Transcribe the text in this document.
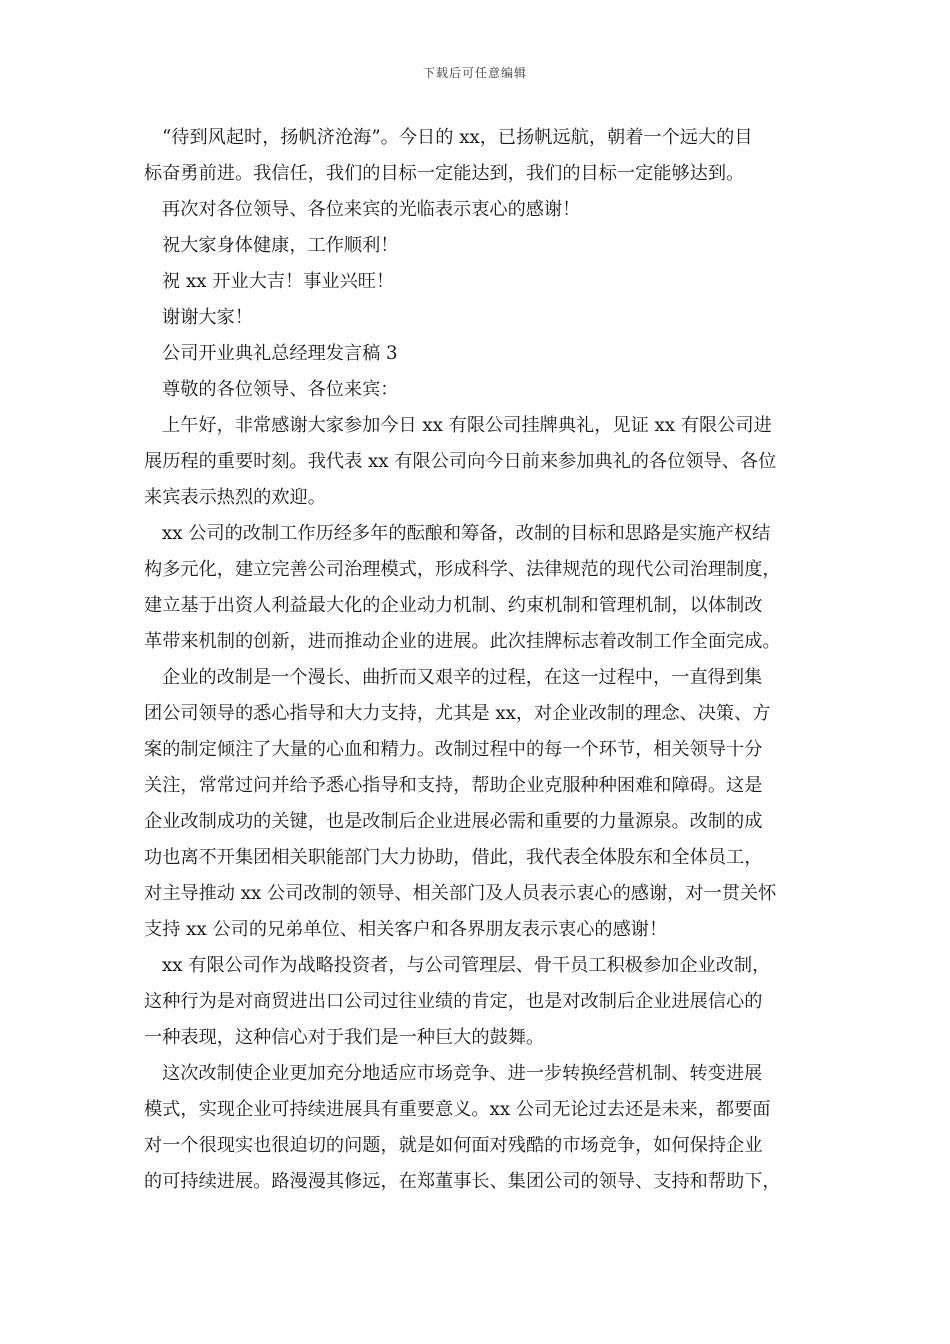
下载后可任意编辑
“待到风起时，扬帆济沧海”。今日的 xx，已扬帆远航，朝着一个远大的目
标奋勇前进。我信任，我们的目标一定能达到，我们的目标一定能够达到。
再次对各位领导、各位来宾的光临表示衷心的感谢！
祝大家身体健康，工作顺利！
祝 xx 开业大吉！事业兴旺！
谢谢大家！
公司开业典礼总经理发言稿 3
尊敬的各位领导、各位来宾：
上午好，非常感谢大家参加今日 xx 有限公司挂牌典礼，见证 xx 有限公司进
展历程的重要时刻。我代表 xx 有限公司向今日前来参加典礼的各位领导、各位
来宾表示热烈的欢迎。
xx 公司的改制工作历经多年的酝酿和筹备，改制的目标和思路是实施产权结
构多元化，建立完善公司治理模式，形成科学、法律规范的现代公司治理制度，
建立基于出资人利益最大化的企业动力机制、约束机制和管理机制，以体制改
革带来机制的创新，进而推动企业的进展。此次挂牌标志着改制工作全面完成。
企业的改制是一个漫长、曲折而又艰辛的过程，在这一过程中，一直得到集
团公司领导的悉心指导和大力支持，尤其是 xx，对企业改制的理念、决策、方
案的制定倾注了大量的心血和精力。改制过程中的每一个环节，相关领导十分
关注，常常过问并给予悉心指导和支持，帮助企业克服种种困难和障碍。这是
企业改制成功的关键，也是改制后企业进展必需和重要的力量源泉。改制的成
功也离不开集团相关职能部门大力协助，借此，我代表全体股东和全体员工，
对主导推动 xx 公司改制的领导、相关部门及人员表示衷心的感谢，对一贯关怀
支持 xx 公司的兄弟单位、相关客户和各界朋友表示衷心的感谢！
xx 有限公司作为战略投资者，与公司管理层、骨干员工积极参加企业改制，
这种行为是对商贸进出口公司过往业绩的肯定，也是对改制后企业进展信心的
一种表现，这种信心对于我们是一种巨大的鼓舞。
这次改制使企业更加充分地适应市场竞争、进一步转换经营机制、转变进展
模式，实现企业可持续进展具有重要意义。xx 公司无论过去还是未来，都要面
对一个很现实也很迫切的问题，就是如何面对残酷的市场竞争，如何保持企业
的可持续进展。路漫漫其修远，在郑董事长、集团公司的领导、支持和帮助下，
